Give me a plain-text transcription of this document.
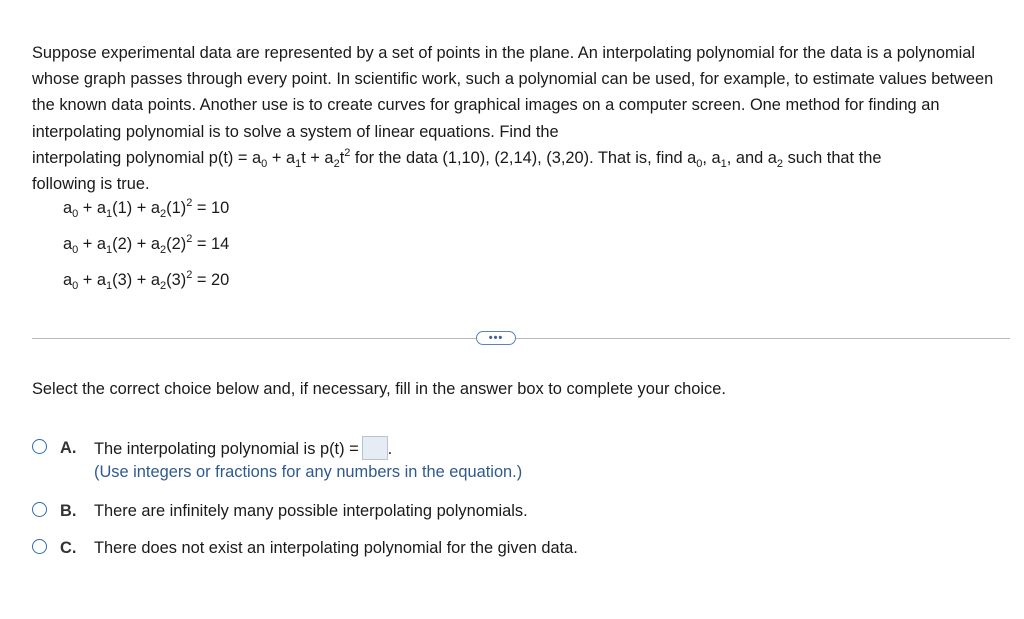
Suppose experimental data are represented by a set of points in the plane. An interpolating polynomial for the data is a polynomial whose graph passes through every point. In scientific work, such a polynomial can be used, for example, to estimate values between the known data points. Another use is to create curves for graphical images on a computer screen. One method for finding an interpolating polynomial is to solve a system of linear equations. Find the

interpolating polynomial $p(t) = a_0 + a_1t + a_2t^2$ for the data (1,10), (2,14), (3,20). That is, find $a_0$, $a_1$, and $a_2$ such that the

following is true.

$a_0 + a_1(1) + a_2(1)^2 = 10$
$a_0 + a_1(2) + a_2(2)^2 = 14$
$a_0 + a_1(3) + a_2(3)^2 = 20$
•••
Select the correct choice below and, if necessary, fill in the answer box to complete your choice.
A. The interpolating polynomial is p(t) = .
(Use integers or fractions for any numbers in the equation.)
B. There are infinitely many possible interpolating polynomials.
C. There does not exist an interpolating polynomial for the given data.
